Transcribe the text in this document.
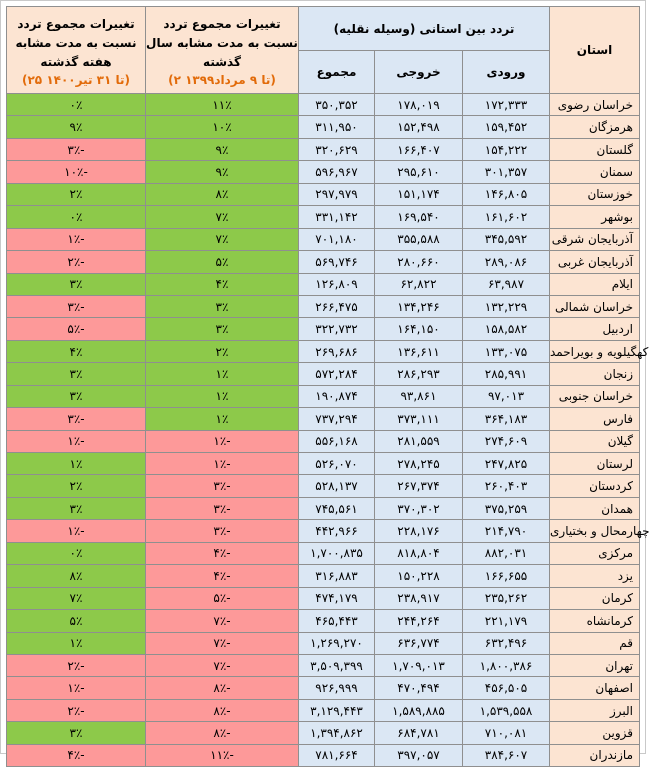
تغییرات مجموع تردد نسبت به مدت مشابه هفته گذشته
(۲۵ تا ۳۱ تیر۱۴۰۰)	تغییرات مجموع تردد نسبت به مدت مشابه سال گذشته
(۲ تا ۹ مرداد۱۳۹۹)	تردد بین استانی (وسیله نقلیه)			استان
		مجموع	خروجی	ورودی	
۰٪	۱۱٪	۳۵۰,۳۵۲	۱۷۸,۰۱۹	۱۷۲,۳۳۳	خراسان رضوی
۹٪	۱۰٪	۳۱۱,۹۵۰	۱۵۲,۴۹۸	۱۵۹,۴۵۲	هرمزگان
۳٪-	۹٪	۳۲۰,۶۲۹	۱۶۶,۴۰۷	۱۵۴,۲۲۲	گلستان
۱۰٪-	۹٪	۵۹۶,۹۶۷	۲۹۵,۶۱۰	۳۰۱,۳۵۷	سمنان
۲٪	۸٪	۲۹۷,۹۷۹	۱۵۱,۱۷۴	۱۴۶,۸۰۵	خوزستان
۰٪	۷٪	۳۳۱,۱۴۲	۱۶۹,۵۴۰	۱۶۱,۶۰۲	بوشهر
۱٪-	۷٪	۷۰۱,۱۸۰	۳۵۵,۵۸۸	۳۴۵,۵۹۲	آذربایجان شرقی
۲٪-	۵٪	۵۶۹,۷۴۶	۲۸۰,۶۶۰	۲۸۹,۰۸۶	آذربایجان غربی
۳٪	۴٪	۱۲۶,۸۰۹	۶۲,۸۲۲	۶۳,۹۸۷	ایلام
۳٪-	۳٪	۲۶۶,۴۷۵	۱۳۴,۲۴۶	۱۳۲,۲۲۹	خراسان شمالی
۵٪-	۳٪	۳۲۲,۷۳۲	۱۶۴,۱۵۰	۱۵۸,۵۸۲	اردبیل
۴٪	۲٪	۲۶۹,۶۸۶	۱۳۶,۶۱۱	۱۳۳,۰۷۵	کهگیلویه و بویراحمد
۳٪	۱٪	۵۷۲,۲۸۴	۲۸۶,۲۹۳	۲۸۵,۹۹۱	زنجان
۳٪	۱٪	۱۹۰,۸۷۴	۹۳,۸۶۱	۹۷,۰۱۳	خراسان جنوبی
۳٪-	۱٪	۷۳۷,۲۹۴	۳۷۳,۱۱۱	۳۶۴,۱۸۳	فارس
۱٪-	۱٪-	۵۵۶,۱۶۸	۲۸۱,۵۵۹	۲۷۴,۶۰۹	گیلان
۱٪	۱٪-	۵۲۶,۰۷۰	۲۷۸,۲۴۵	۲۴۷,۸۲۵	لرستان
۲٪	۳٪-	۵۲۸,۱۳۷	۲۶۷,۳۷۴	۲۶۰,۴۰۳	کردستان
۳٪	۳٪-	۷۴۵,۵۶۱	۳۷۰,۳۰۲	۳۷۵,۲۵۹	همدان
۱٪-	۳٪-	۴۴۲,۹۶۶	۲۲۸,۱۷۶	۲۱۴,۷۹۰	چهارمحال و بختیاری
۰٪	۴٪-	۱,۷۰۰,۸۳۵	۸۱۸,۸۰۴	۸۸۲,۰۳۱	مرکزی
۸٪	۴٪-	۳۱۶,۸۸۳	۱۵۰,۲۲۸	۱۶۶,۶۵۵	یزد
۷٪	۵٪-	۴۷۴,۱۷۹	۲۳۸,۹۱۷	۲۳۵,۲۶۲	کرمان
۵٪	۷٪-	۴۶۵,۴۴۳	۲۴۴,۲۶۴	۲۲۱,۱۷۹	کرمانشاه
۱٪	۷٪-	۱,۲۶۹,۲۷۰	۶۳۶,۷۷۴	۶۳۲,۴۹۶	قم
۲٪-	۷٪-	۳,۵۰۹,۳۹۹	۱,۷۰۹,۰۱۳	۱,۸۰۰,۳۸۶	تهران
۱٪-	۸٪-	۹۲۶,۹۹۹	۴۷۰,۴۹۴	۴۵۶,۵۰۵	اصفهان
۲٪-	۸٪-	۳,۱۲۹,۴۴۳	۱,۵۸۹,۸۸۵	۱,۵۳۹,۵۵۸	البرز
۳٪	۸٪-	۱,۳۹۴,۸۶۲	۶۸۴,۷۸۱	۷۱۰,۰۸۱	قزوین
۴٪-	۱۱٪-	۷۸۱,۶۶۴	۳۹۷,۰۵۷	۳۸۴,۶۰۷	مازندران
